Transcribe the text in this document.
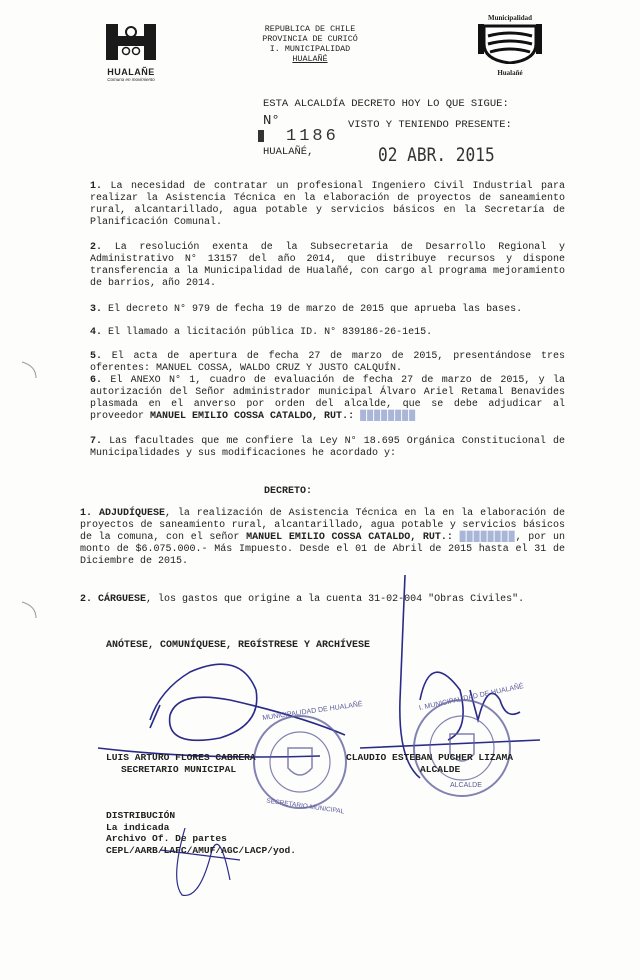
HUALAÑE
Comuna en movimiento
REPUBLICA DE CHILE
PROVINCIA DE CURICÓ
I. MUNICIPALIDAD
HUALAÑÉ
Municipalidad
Hualañé
ESTA ALCALDÍA DECRETO HOY LO QUE SIGUE:
N°	VISTO Y TENIENDO PRESENTE:
1186
HUALAÑÉ,	02 ABR. 2015
1. La necesidad de contratar un profesional Ingeniero Civil Industrial para realizar la Asistencia Técnica en la elaboración de proyectos de saneamiento rural, alcantarillado, agua potable y servicios básicos en la Secretaría de Planificación Comunal.
2. La resolución exenta de la Subsecretaria de Desarrollo Regional y Administrativo N° 13157 del año 2014, que distribuye recursos y dispone transferencia a la Municipalidad de Hualañé, con cargo al programa mejoramiento de barrios, año 2014.
3. El decreto N° 979 de fecha 19 de marzo de 2015 que aprueba las bases.
4. El llamado a licitación pública ID. N° 839186-26-1e15.
5. El acta de apertura de fecha 27 de marzo de 2015, presentándose tres oferentes: MANUEL COSSA, WALDO CRUZ Y JUSTO CALQUÍN.
6. El ANEXO N° 1, cuadro de evaluación de fecha 27 de marzo de 2015, y la autorización del Señor administrador municipal Álvaro Ariel Retamal Benavides plasmada en el anverso por orden del alcalde, que se debe adjudicar al proveedor MANUEL EMILIO COSSA CATALDO, RUT.: ████████
7. Las facultades que me confiere la Ley N° 18.695 Orgánica Constitucional de Municipalidades y sus modificaciones he acordado y:
DECRETO:
1. ADJUDÍQUESE, la realización de Asistencia Técnica en la en la elaboración de proyectos de saneamiento rural, alcantarillado, agua potable y servicios básicos de la comuna, con el señor MANUEL EMILIO COSSA CATALDO, RUT.: ████████, por un monto de $6.075.000.- Más Impuesto. Desde el 01 de Abril de 2015 hasta el 31 de Diciembre de 2015.
2. CÁRGUESE, los gastos que origine a la cuenta 31-02-004 "Obras Civiles".
ANÓTESE, COMUNÍQUESE, REGÍSTRESE Y ARCHÍVESE
MUNICIPALIDAD DE HUALAÑÉ
SECRETARIO MUNICIPAL
I. MUNICIPALIDAD DE HUALAÑÉ
ALCALDE
LUIS ARTURO FLORES CABRERA
SECRETARIO MUNICIPAL
CLAUDIO ESTEBAN PUCHER LIZAMA
ALCALDE
DISTRIBUCIÓN
La indicada
Archivo Of. De partes
CEPL/AARB/LAFC/AMUF/AGC/LACP/yod.
